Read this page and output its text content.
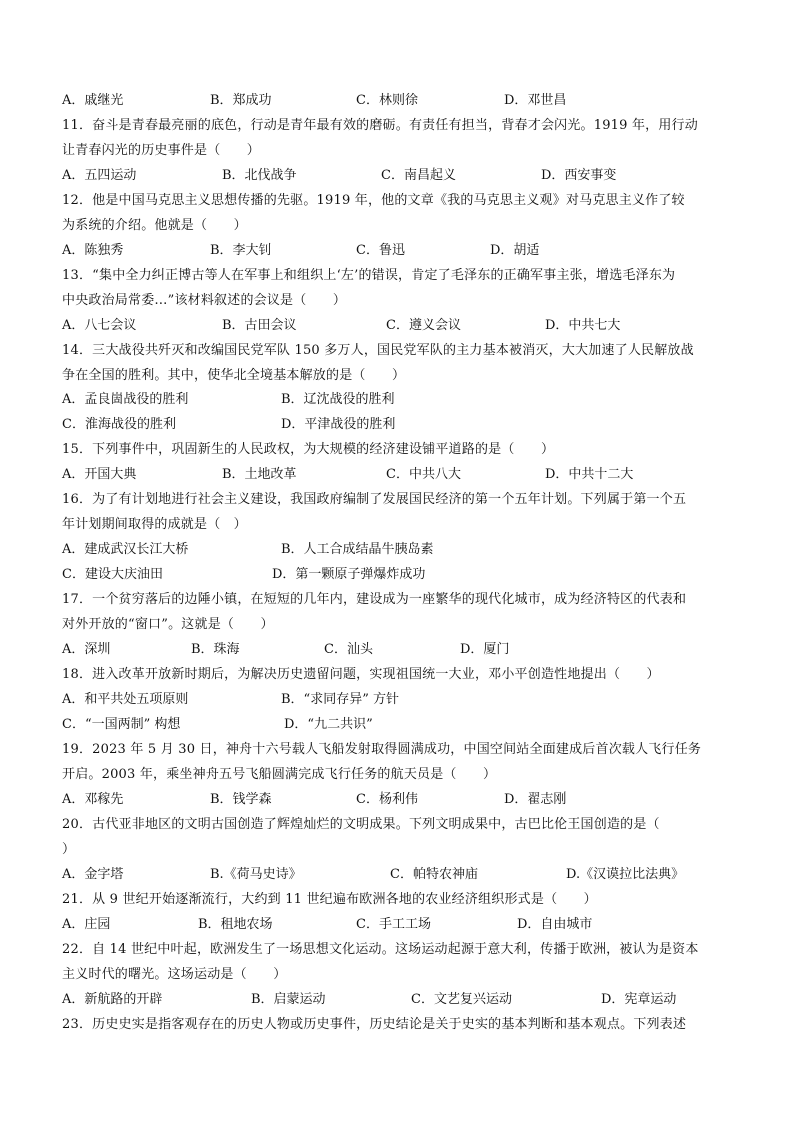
A．戚继光	B．郑成功	C．林则徐	D．邓世昌
11．奋斗是青春最亮丽的底色，行动是青年最有效的磨砺。有责任有担当，背春才会闪光。1919 年，用行动
让青春闪光的历史事件是（　　）
A．五四运动	B．北伐战争	C．南昌起义	D．西安事变
12．他是中国马克思主义思想传播的先驱。1919 年，他的文章《我的马克思主义观》对马克思主义作了较
为系统的介绍。他就是（　　）
A．陈独秀	B．李大钊	C．鲁迅	D．胡适
13．“集中全力纠正博古等人在军事上和组织上‘左’的错误，肯定了毛泽东的正确军事主张，增选毛泽东为
中央政治局常委…”该材料叙述的会议是（　　）
A．八七会议	B．古田会议	C．遵义会议	D．中共七大
14．三大战役共歼灭和改编国民党军队 150 多万人，国民党军队的主力基本被消灭，大大加速了人民解放战
争在全国的胜利。其中，使华北全境基本解放的是（　　）
A．孟良崮战役的胜利	B．辽沈战役的胜利
C．淮海战役的胜利	D．平津战役的胜利
15．下列事件中，巩固新生的人民政权，为大规模的经济建设铺平道路的是（　　）
A．开国大典	B．土地改革	C．中共八大	D．中共十二大
16．为了有计划地进行社会主义建设，我国政府编制了发展国民经济的第一个五年计划。下列属于第一个五
年计划期间取得的成就是（　）
A．建成武汉长江大桥	B．人工合成结晶牛胰岛素
C．建设大庆油田	D．第一颗原子弹爆炸成功
17．一个贫穷落后的边陲小镇，在短短的几年内，建设成为一座繁华的现代化城市，成为经济特区的代表和
对外开放的“窗口”。这就是（　　）
A．深圳	B．珠海	C．汕头	D．厦门
18．进入改革开放新时期后，为解决历史遗留问题，实现祖国统一大业，邓小平创造性地提出（　　）
A．和平共处五项原则	B．“求同存异” 方针
C．“一国两制” 构想	D．“九二共识”
19．2023 年 5 月 30 日，神舟十六号载人飞船发射取得圆满成功，中国空间站全面建成后首次载人飞行任务
开启。2003 年，乘坐神舟五号飞船圆满完成飞行任务的航天员是（　　）
A．邓稼先	B．钱学森	C．杨利伟	D．翟志刚
20．古代亚非地区的文明古国创造了辉煌灿烂的文明成果。下列文明成果中，古巴比伦王国创造的是（
）
A．金字塔	B.《荷马史诗》	C．帕特农神庙	D.《汉谟拉比法典》
21．从 9 世纪开始逐渐流行，大约到 11 世纪遍布欧洲各地的农业经济组织形式是（　　）
A．庄园	B．租地农场	C．手工工场	D．自由城市
22．自 14 世纪中叶起，欧洲发生了一场思想文化运动。这场运动起源于意大利，传播于欧洲，被认为是资本
主义时代的曙光。这场运动是（　　）
A．新航路的开辟	B．启蒙运动	C．文艺复兴运动	D．宪章运动
23．历史史实是指客观存在的历史人物或历史事件，历史结论是关于史实的基本判断和基本观点。下列表述
